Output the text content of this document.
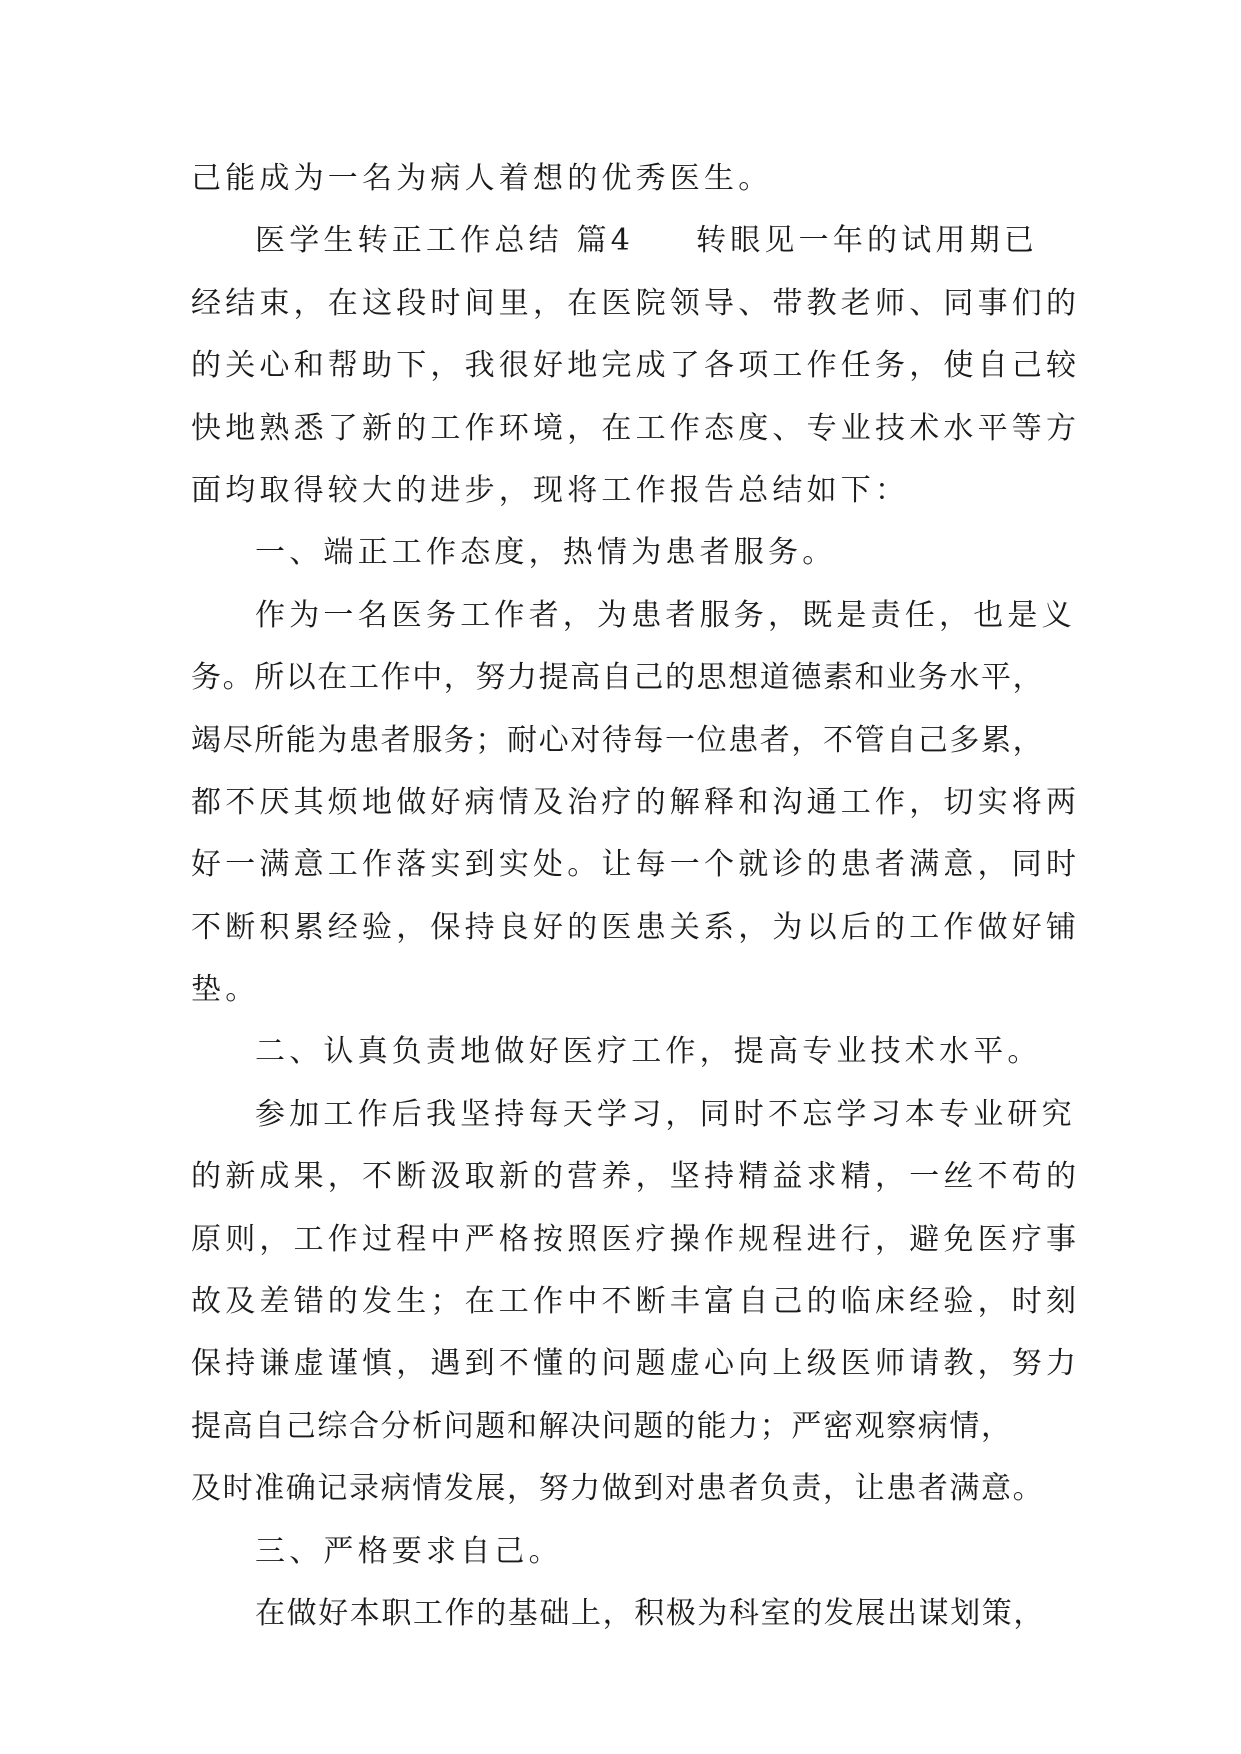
己能成为一名为病人着想的优秀医生。
医学生转正工作总结 篇4 转眼见一年的试用期已
经结束，在这段时间里，在医院领导、带教老师、同事们的
的关心和帮助下，我很好地完成了各项工作任务，使自己较
快地熟悉了新的工作环境，在工作态度、专业技术水平等方
面均取得较大的进步，现将工作报告总结如下：
一、端正工作态度，热情为患者服务。
作为一名医务工作者，为患者服务，既是责任，也是义
务。所以在工作中，努力提高自己的思想道德素和业务水平，
竭尽所能为患者服务；耐心对待每一位患者，不管自己多累，
都不厌其烦地做好病情及治疗的解释和沟通工作，切实将两
好一满意工作落实到实处。让每一个就诊的患者满意，同时
不断积累经验，保持良好的医患关系，为以后的工作做好铺
垫。
二、认真负责地做好医疗工作，提高专业技术水平。
参加工作后我坚持每天学习，同时不忘学习本专业研究
的新成果，不断汲取新的营养，坚持精益求精，一丝不苟的
原则，工作过程中严格按照医疗操作规程进行，避免医疗事
故及差错的发生；在工作中不断丰富自己的临床经验，时刻
保持谦虚谨慎，遇到不懂的问题虚心向上级医师请教，努力
提高自己综合分析问题和解决问题的能力；严密观察病情，
及时准确记录病情发展，努力做到对患者负责，让患者满意。
三、严格要求自己。
在做好本职工作的基础上，积极为科室的发展出谋划策，
